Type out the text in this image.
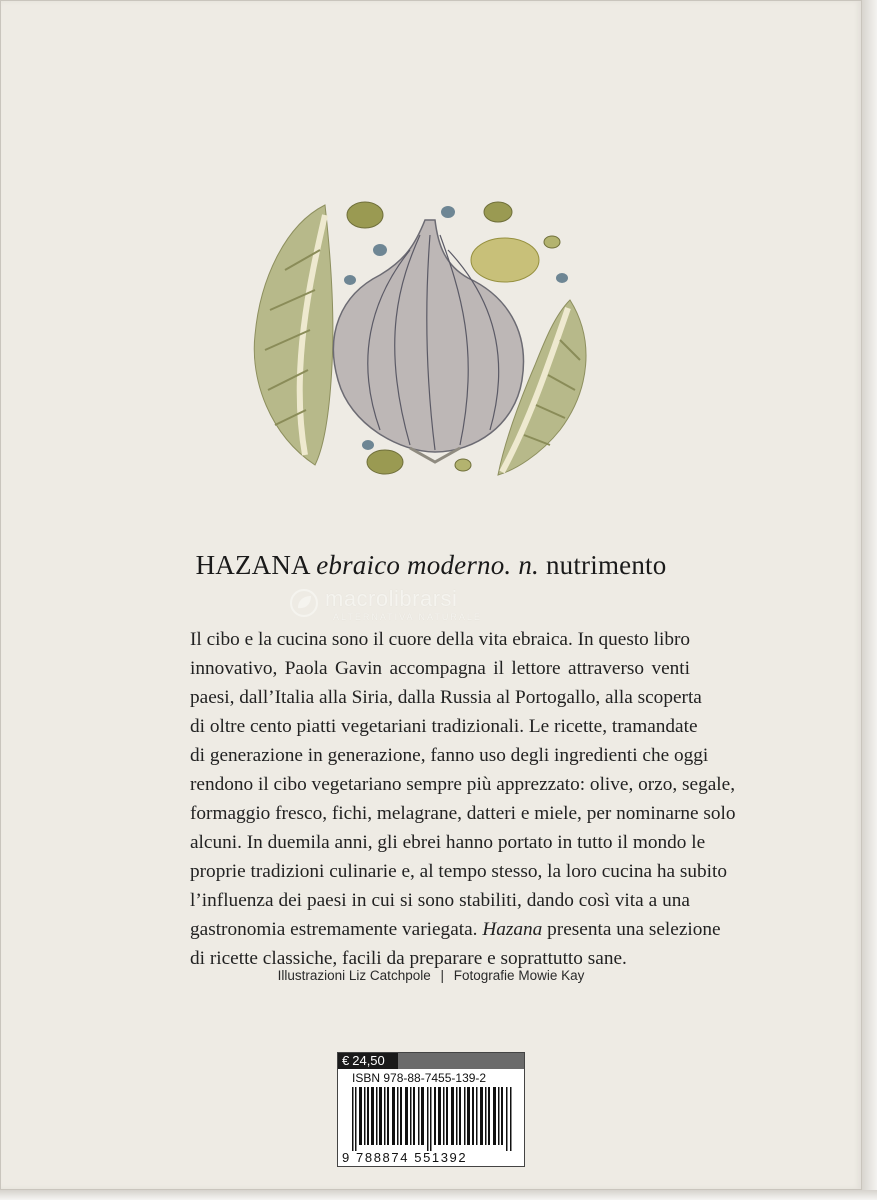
HAZANA ebraico moderno. n. nutrimento
macrolibrarsi
ALTERNATIVA NATURALE
Il cibo e la cucina sono il cuore della vita ebraica. In questo libro
innovativo, Paola Gavin accompagna il lettore attraverso venti
paesi, dall’Italia alla Siria, dalla Russia al Portogallo, alla scoperta
di oltre cento piatti vegetariani tradizionali. Le ricette, tramandate
di generazione in generazione, fanno uso degli ingredienti che oggi
rendono il cibo vegetariano sempre più apprezzato: olive, orzo, segale,
formaggio fresco, fichi, melagrane, datteri e miele, per nominarne solo
alcuni. In duemila anni, gli ebrei hanno portato in tutto il mondo le
proprie tradizioni culinarie e, al tempo stesso, la loro cucina ha subito
l’influenza dei paesi in cui si sono stabiliti, dando così vita a una
gastronomia estremamente variegata. Hazana presenta una selezione
di ricette classiche, facili da preparare e soprattutto sane.
Illustrazioni Liz Catchpole | Fotografie Mowie Kay
€ 24,50
ISBN 978-88-7455-139-2
9 788874 551392
